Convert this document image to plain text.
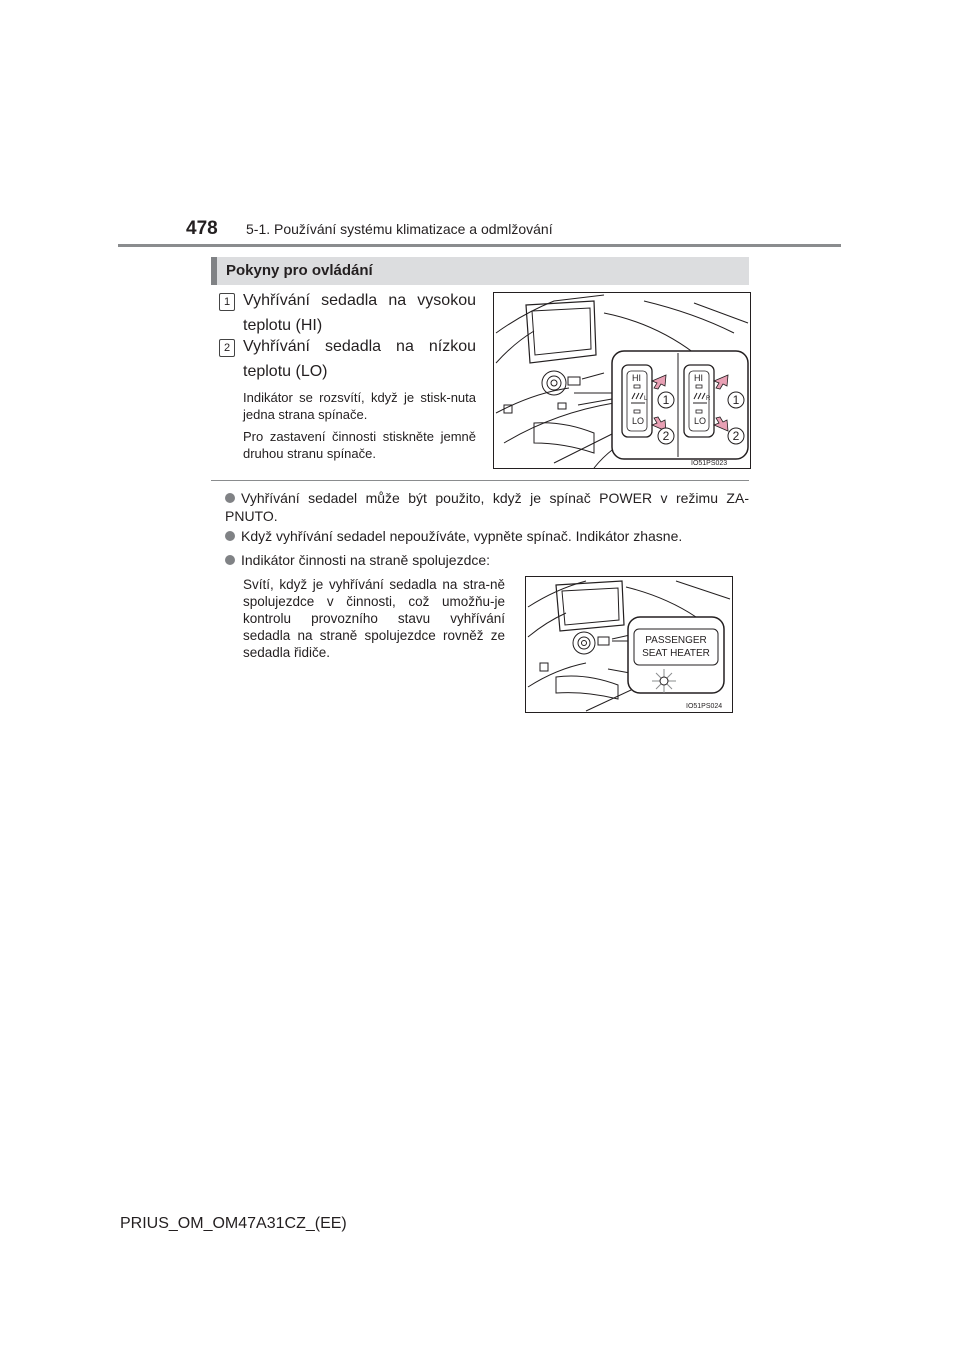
478 5-1. Používání systému klimatizace a odmlžování
Pokyny pro ovládání
1 Vyhřívání sedadla na vysokou teplotu (HI)
2 Vyhřívání sedadla na nízkou teplotu (LO)
Indikátor se rozsvítí, když je stisk-nuta jedna strana spínače.
Pro zastavení činnosti stiskněte jemně druhou stranu spínače.
HI
L
LO
HI
R
LO
1
2
1
2
IO51PS023
Vyhřívání sedadel může být použito, když je spínač POWER v režimu ZA-PNUTO.
Když vyhřívání sedadel nepoužíváte, vypněte spínač. Indikátor zhasne.
Indikátor činnosti na straně spolujezdce:
Svítí, když je vyhřívání sedadla na stra-ně spolujezdce v činnosti, což umožňu-je kontrolu provozního stavu vyhřívání sedadla na straně spolujezdce rovněž ze sedadla řidiče.
PASSENGER
SEAT HEATER
IO51PS024
PRIUS_OM_OM47A31CZ_(EE)
